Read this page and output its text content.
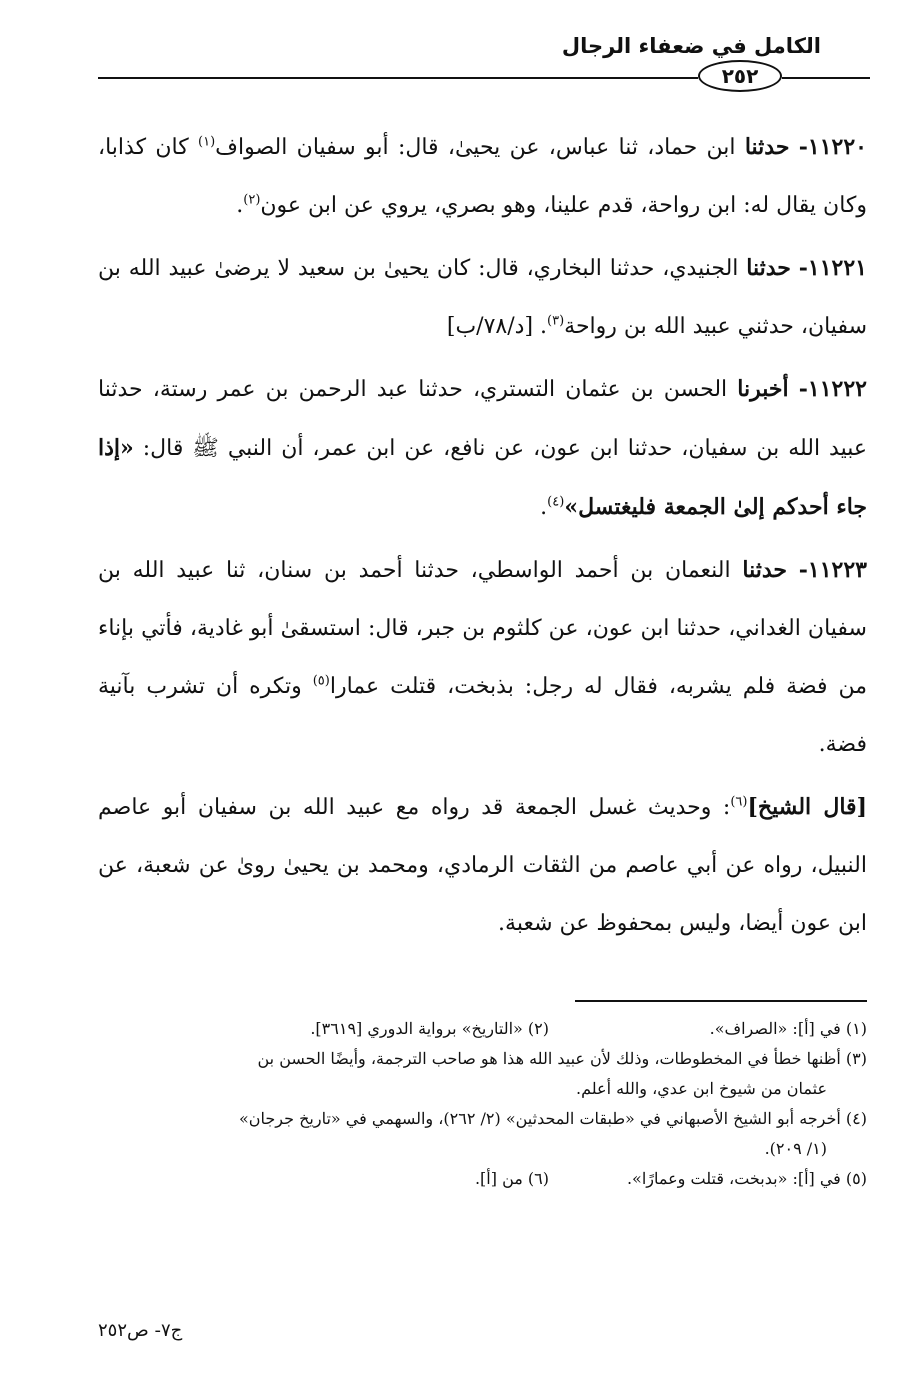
الكامل في ضعفاء الرجال
٢٥٢

١١٢٢٠- حدثنا ابن حماد، ثنا عباس، عن يحيىٰ، قال: أبو سفيان الصواف$^{(١)}$ كان كذابا، وكان يقال له: ابن رواحة، قدم علينا، وهو بصري، يروي عن ابن عون$^{(٢)}$.

١١٢٢١- حدثنا الجنيدي، حدثنا البخاري، قال: كان يحيىٰ بن سعيد لا يرضىٰ عبيد الله بن سفيان، حدثني عبيد الله بن رواحة$^{(٣)}$. [د/٧٨/ب]

١١٢٢٢- أخبرنا الحسن بن عثمان التستري، حدثنا عبد الرحمن بن عمر رستة، حدثنا عبيد الله بن سفيان، حدثنا ابن عون، عن نافع، عن ابن عمر، أن النبي ﷺ قال: «إذا جاء أحدكم إلىٰ الجمعة فليغتسل»$^{(٤)}$.

١١٢٢٣- حدثنا النعمان بن أحمد الواسطي، حدثنا أحمد بن سنان، ثنا عبيد الله بن سفيان الغداني، حدثنا ابن عون، عن كلثوم بن جبر، قال: استسقىٰ أبو غادية، فأتي بإناء من فضة فلم يشربه، فقال له رجل: بذبخت، قتلت عمارا$^{(٥)}$ وتكره أن تشرب بآنية فضة.

[قال الشيخ]$^{(٦)}$: وحديث غسل الجمعة قد رواه مع عبيد الله بن سفيان أبو عاصم النبيل، رواه عن أبي عاصم من الثقات الرمادي، ومحمد بن يحيىٰ روىٰ عن شعبة، عن ابن عون أيضا، وليس بمحفوظ عن شعبة.

(١) في [أ]: «الصراف».
(٢) «التاريخ» برواية الدوري [٣٦١٩].
(٣) أظنها خطأ في المخطوطات، وذلك لأن عبيد الله هذا هو صاحب الترجمة، وأيضًا الحسن بن
عثمان من شيوخ ابن عدي، والله أعلم.
(٤) أخرجه أبو الشيخ الأصبهاني في «طبقات المحدثين» (٢/ ٢٦٢)، والسهمي في «تاريخ جرجان»
(١/ ٢٠٩).
(٥) في [أ]: «بدبخت، قتلت وعمارًا».
(٦) من [أ].
ج٧- ص٢٥٢
